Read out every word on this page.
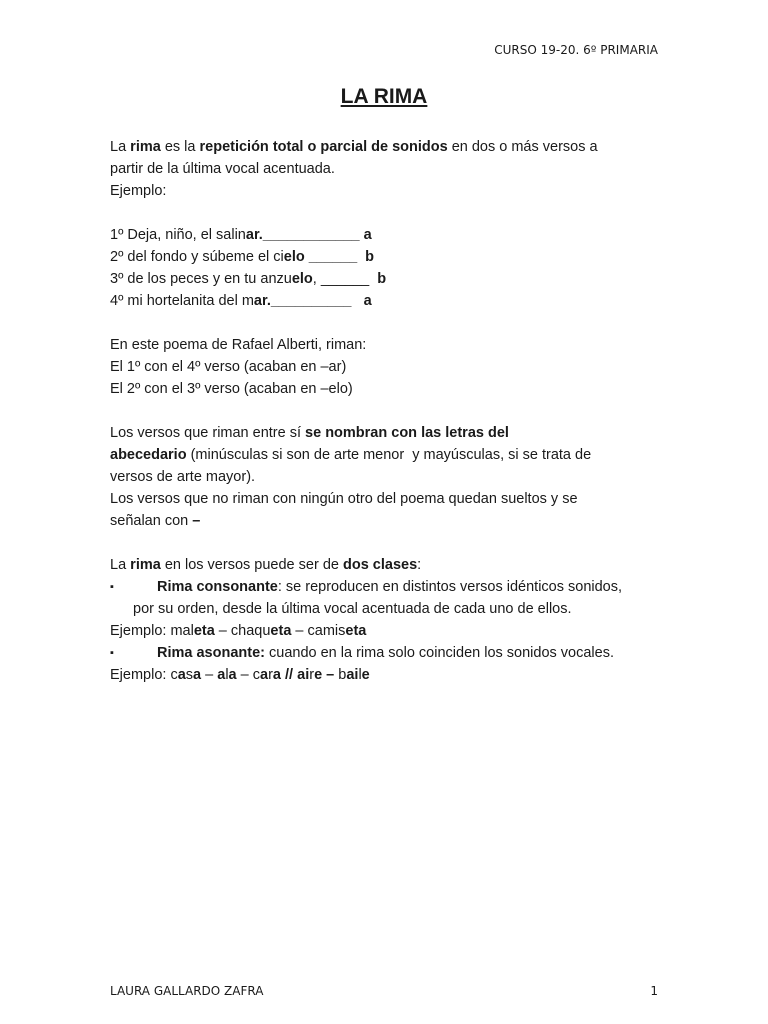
CURSO 19-20. 6º PRIMARIA
LA RIMA
La rima es la repetición total o parcial de sonidos en dos o más versos a
partir de la última vocal acentuada.
Ejemplo:
1º Deja, niño, el salinar.____________ a
2º del fondo y súbeme el cielo ______  b
3º de los peces y en tu anzuelo, ______  b
4º mi hortelanita del mar.__________   a
En este poema de Rafael Alberti, riman:
El 1º con el 4º verso (acaban en –ar)
El 2º con el 3º verso (acaban en –elo)
Los versos que riman entre sí se nombran con las letras del
abecedario (minúsculas si son de arte menor  y mayúsculas, si se trata de
versos de arte mayor).
Los versos que no riman con ningún otro del poema quedan sueltos y se
señalan con –
La rima en los versos puede ser de dos clases:
▪	Rima consonante: se reproducen en distintos versos idénticos sonidos,
por su orden, desde la última vocal acentuada de cada uno de ellos.
Ejemplo: maleta – chaqueta – camiseta
▪	Rima asonante: cuando en la rima solo coinciden los sonidos vocales.
Ejemplo: casa – ala – cara // aire – baile
LAURA GALLARDO ZAFRA	1
